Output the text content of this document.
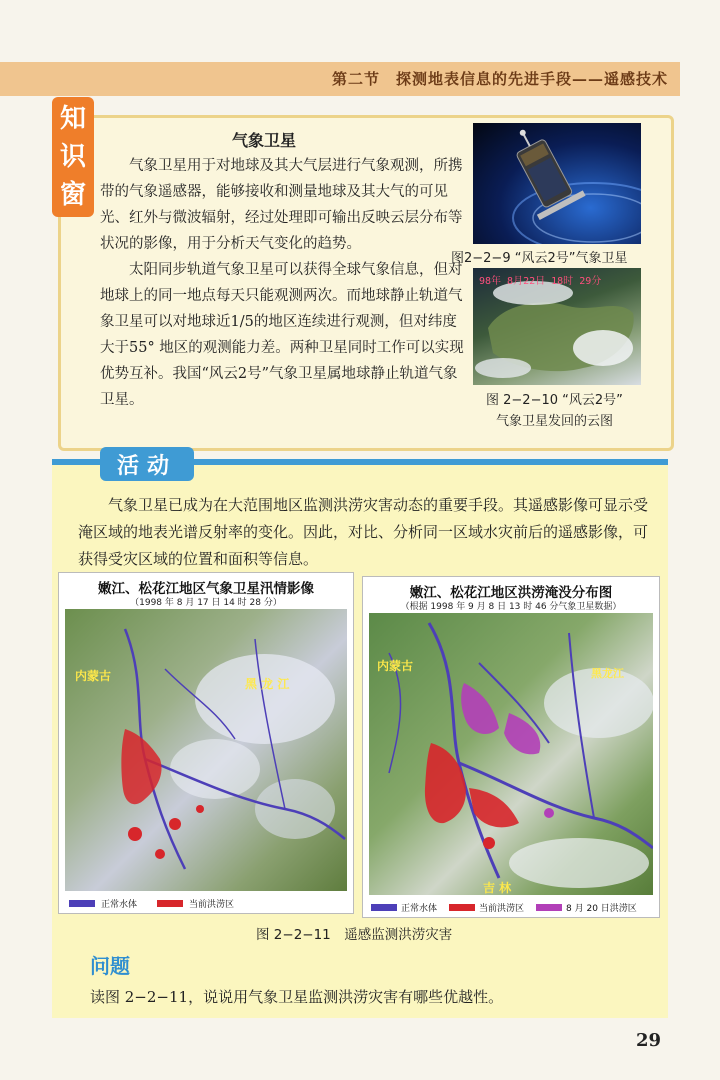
第二节　探测地表信息的先进手段——遥感技术
知
识
窗
气象卫星

气象卫星用于对地球及其大气层进行气象观测，所携带的气象遥感器，能够接收和测量地球及其大气的可见光、红外与微波辐射，经过处理即可输出反映云层分布等状况的影像，用于分析天气变化的趋势。

太阳同步轨道气象卫星可以获得全球气象信息，但对地球上的同一地点每天只能观测两次。而地球静止轨道气象卫星可以对地球近1/5的地区连续进行观测，但对纬度大于55° 地区的观测能力差。两种卫星同时工作可以实现优势互补。我国“风云2号”气象卫星属地球静止轨道气象卫星。

图2−2−9 “风云2号”气象卫星
98年 8月22日 18时 29分
图 2−2−10 “风云2号”
气象卫星发回的云图
活动

气象卫星已成为在大范围地区监测洪涝灾害动态的重要手段。其遥感影像可显示受淹区域的地表光谱反射率的变化。因此，对比、分析同一区域水灾前后的遥感影像，可获得受灾区域的位置和面积等信息。

嫩江、松花江地区气象卫星汛情影像
（1998 年 8 月 17 日 14 时 28 分）
内蒙古
黑 龙 江
正常水体	当前洪涝区
嫩江、松花江地区洪涝淹没分布图
（根据 1998 年 9 月 8 日 13 时 46 分气象卫星数据）
内蒙古
黑龙江
吉 林
正常水体	当前洪涝区	8 月 20 日洪涝区
图 2−2−11　遥感监测洪涝灾害
问题
读图 2−2−11，说说用气象卫星监测洪涝灾害有哪些优越性。
29
